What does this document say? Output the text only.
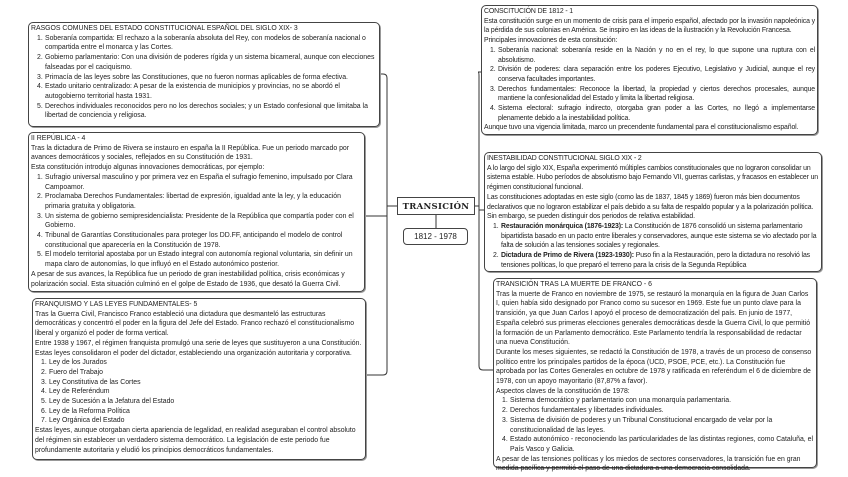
TRANSICIÓN
1812 - 1978

RASGOS COMUNES DEL ESTADO CONSTITUCIONAL ESPAÑOL DEL SIGLO XIX- 3

1. Soberanía compartida: El rechazo a la soberanía absoluta del Rey, con modelos de soberanía nacional o compartida entre el monarca y las Cortes.
2. Gobierno parlamentario: Con una división de poderes rígida y un sistema bicameral, aunque con elecciones falseadas por el caciquismo.
3. Primacía de las leyes sobre las Constituciones, que no fueron normas aplicables de forma efectiva.
4. Estado unitario centralizado: A pesar de la existencia de municipios y provincias, no se abordó el autogobierno territorial hasta 1931.
5. Derechos individuales reconocidos pero no los derechos sociales; y un Estado confesional que limitaba la libertad de conciencia y religiosa.

II REPÚBLICA - 4

Tras la dictadura de Primo de Rivera se instauro en españa la II República. Fue un periodo marcado por avances democráticos y sociales, reflejados en su Constitución de 1931.

Esta constitución introdujo algunas innovaciones democráticas, por ejemplo:

1. Sufragio universal masculino y por primera vez en España el sufragio femenino, impulsado por Clara Campoamor.
2. Proclamaba Derechos Fundamentales: libertad de expresión, igualdad ante la ley, y la educación primaria gratuita y obligatoria.
3. Un sistema de gobierno semipresidencialista: Presidente de la República que compartía poder con el Gobierno.
4. Tribunal de Garantías Constitucionales para proteger los DD.FF, anticipando el modelo de control constitucional que aparecería en la Constitución de 1978.
5. El modelo territorial apostaba por un Estado integral con autonomía regional voluntaria, sin definir un mapa claro de autonomías, lo que influyó en el Estado autonómico posterior.

A pesar de sus avances, la República fue un periodo de gran inestabilidad política, crisis económicas y polarización social. Esta situación culminó en el golpe de Estado de 1936, que desató la Guerra Civil.

FRANQUISMO Y LAS LEYES FUNDAMENTALES- 5

Tras la Guerra Civil, Francisco Franco estableció una dictadura que desmanteló las estructuras democráticas y concentró el poder en la figura del Jefe del Estado. Franco rechazó el constitucionalismo liberal y organizó el poder de forma vertical.

Entre 1938 y 1967, el régimen franquista promulgó una serie de leyes que sustituyeron a una Constitución. Estas leyes consolidaron el poder del dictador, estableciendo una organización autoritaria y corporativa.

1. Ley de los Jurados
2. Fuero del Trabajo
3. Ley Constitutiva de las Cortes
4. Ley de Referéndum
5. Ley de Sucesión a la Jefatura del Estado
6. Ley de la Reforma Política
7. Ley Orgánica del Estado

Estas leyes, aunque otorgaban cierta apariencia de legalidad, en realidad aseguraban el control absoluto del régimen sin establecer un verdadero sistema democrático. La legislación de este periodo fue profundamente autoritaria y eludió los principios democráticos fundamentales.

CONSCITUCIÓN DE 1812 - 1

Esta constitución surge en un momento de crisis para el imperio español, afectado por la invasión napoleónica y la pérdida de sus colonias en América. Se inspiro en las ideas de la ilustración y la Revolución Francesa.

Principales innovaciones de esta consitución:

1. Soberanía nacional: soberanía reside en la Nación y no en el rey, lo que supone una ruptura con el absolutismo.
2. División de poderes: clara separación entre los poderes Ejecutivo, Legislativo y Judicial, aunque el rey conserva facultades importantes.
3. Derechos fundamentales: Reconoce la libertad, la propiedad y ciertos derechos procesales, aunque mantiene la confesionalidad del Estado y limita la libertad religiosa.
4. Sistema electoral: sufragio indirecto, otorgaba gran poder a las Cortes, no llegó a implementarse plenamente debido a la inestabilidad política.

Aunque tuvo una vigencia limitada, marco un precendente fundamental para el constitucionalismo español.

INESTABILIDAD CONSTITUCIONAL SIGLO XIX - 2

A lo largo del siglo XIX, España experimentó múltiples cambios constitucionales que no lograron consolidar un sistema estable. Hubo períodos de absolutismo bajo Fernando VII, guerras carlistas, y fracasos en establecer un régimen constitucional funcional.

Las constituciones adoptadas en este siglo (como las de 1837, 1845 y 1869) fueron más bien documentos declarativos que no lograron estabilizar el país debido a su falta de respaldo popular y a la polarización política. Sin embargo, se pueden distinguir dos periodos de relativa estabilidad.

1. Restauración monárquica (1876-1923): La Constitución de 1876 consolidó un sistema parlamentario bipartidista basado en un pacto entre liberales y conservadores, aunque este sistema se vio afectado por la falta de solución a las tensiones sociales y regionales.
2. Dictadura de Primo de Rivera (1923-1930): Puso fin a la Restauración, pero la dictadura no resolvió las tensiones políticas, lo que preparó el terreno para la crisis de la Segunda República

TRANSICIÓN TRAS LA MUERTE DE FRANCO - 6

Tras la muerte de Franco en noviembre de 1975, se restauró la monarquía en la figura de Juan Carlos I, quien había sido designado por Franco como su sucesor en 1969. Este fue un punto clave para la transición, ya que Juan Carlos I apoyó el proceso de democratización del país. En junio de 1977, España celebró sus primeras elecciones generales democráticas desde la Guerra Civil, lo que permitió la formación de un Parlamento democrático. Este Parlamento tendría la responsabilidad de redactar una nueva Constitución.

Durante los meses siguientes, se redactó la Constitución de 1978, a través de un proceso de consenso político entre los principales partidos de la época (UCD, PSOE, PCE, etc.). La Constitución fue aprobada por las Cortes Generales en octubre de 1978 y ratificada en referéndum el 6 de diciembre de 1978, con un apoyo mayoritario (87,87% a favor).

Aspectos claves de la constitución de 1978:

1. Sistema democrático y parlamentario con una monarquía parlamentaria.
2. Derechos fundamentales y libertades individuales.
3. Sistema de división de poderes y un Tribunal Constitucional encargado de velar por la constitucionalidad de las leyes.
4. Estado autonómico - reconociendo las particularidades de las distintas regiones, como Cataluña, el País Vasco y Galicia.

A pesar de las tensiones políticas y los miedos de sectores conservadores, la transición fue en gran medida pacífica y permitió el paso de una dictadura a una democracia consolidada.
